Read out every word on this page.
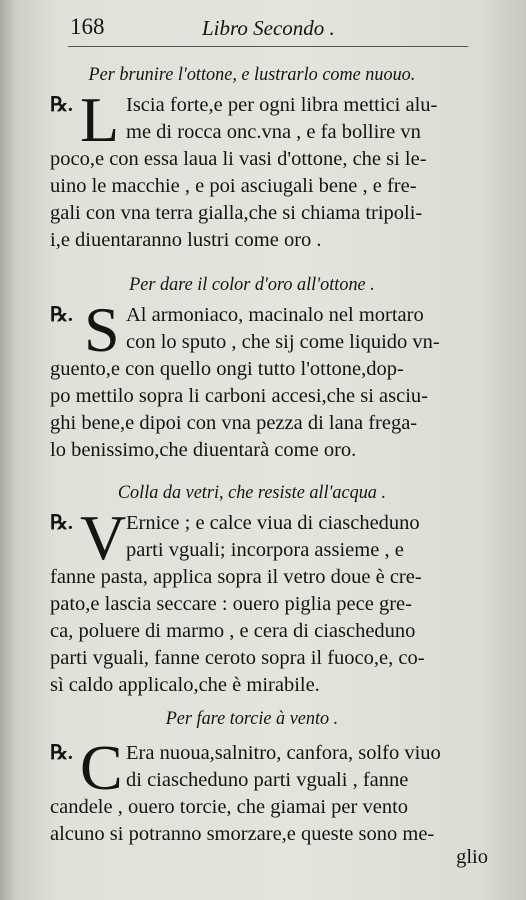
168	Libro Secondo .
Per brunire l'ottone, e lustrarlo come nuouo.
℞. L Iscia forte,e per ogni libra mettici alu-
me di rocca onc.vna , e fa bollire vn
poco,e con essa laua li vasi d'ottone, che si le-
uino le macchie , e poi asciugali bene , e fre-
gali con vna terra gialla,che si chiama tripoli-
i,e diuentaranno lustri come oro .
Per dare il color d'oro all'ottone .
℞. S Al armoniaco, macinalo nel mortaro
con lo sputo , che sij come liquido vn-
guento,e con quello ongi tutto l'ottone,dop-
po mettilo sopra li carboni accesi,che si asciu-
ghi bene,e dipoi con vna pezza di lana frega-
lo benissimo,che diuentarà come oro.
Colla da vetri, che resiste all'acqua .
℞. V Ernice ; e calce viua di ciascheduno
parti vguali; incorpora assieme , e
fanne pasta, applica sopra il vetro doue è cre-
pato,e lascia seccare : ouero piglia pece gre-
ca, poluere di marmo , e cera di ciascheduno
parti vguali, fanne ceroto sopra il fuoco,e, co-
sì caldo applicalo,che è mirabile.
Per fare torcie à vento .
℞. C Era nuoua,salnitro, canfora, solfo viuo
di ciascheduno parti vguali , fanne
candele , ouero torcie, che giamai per vento
alcuno si potranno smorzare,e queste sono me-
glio
